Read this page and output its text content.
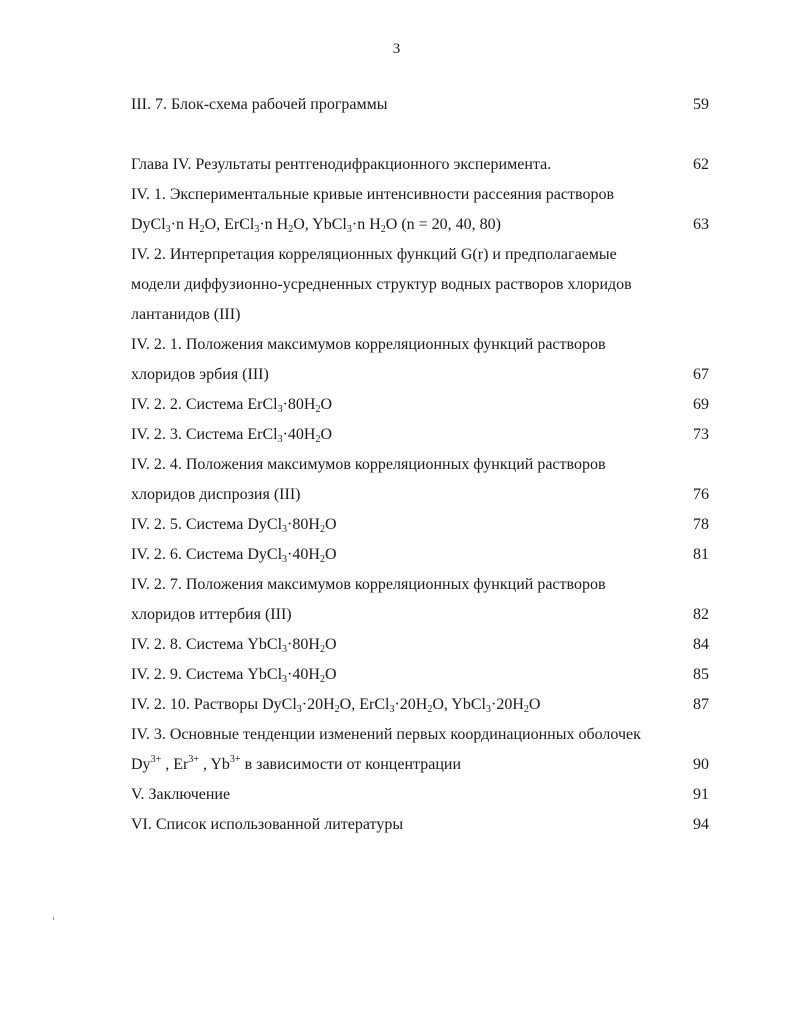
3
III. 7. Блок-схема рабочей программы	59
Глава IV. Результаты рентгенодифракционного эксперимента.	62
IV. 1. Экспериментальные кривые интенсивности рассеяния растворов
DyCl$_3$·n $H_2O$, ErCl$_3$·n $H_2O$, YbCl$_3$·n $H_2O$ (n = 20, 40, 80)	63
IV. 2. Интерпретация корреляционных функций G(r) и предполагаемые
модели диффузионно-усредненных структур водных растворов хлоридов
лантанидов (III)
IV. 2. 1. Положения максимумов корреляционных функций растворов
хлоридов эрбия (III)	67
IV. 2. 2. Система $ErCl_3\cdot 80H_2O$	69
IV. 2. 3. Система $ErCl_3\cdot 40H_2O$	73
IV. 2. 4. Положения максимумов корреляционных функций растворов
хлоридов диспрозия (III)	76
IV. 2. 5. Система $DyCl_3\cdot 80H_2O$	78
IV. 2. 6. Система $DyCl_3\cdot 40H_2O$	81
IV. 2. 7. Положения максимумов корреляционных функций растворов
хлоридов иттербия (III)	82
IV. 2. 8. Система $YbCl_3\cdot 80H_2O$	84
IV. 2. 9. Система $YbCl_3\cdot 40H_2O$	85
IV. 2. 10. Растворы $DyCl_3\cdot 20H_2O$, $ErCl_3\cdot 20H_2O$, $YbCl_3\cdot 20H_2O$	87
IV. 3. Основные тенденции изменений первых координационных оболочек
$Dy^{3+}$ , $Er^{3+}$ , $Yb^{3+}$ в зависимости от концентрации	90
V. Заключение	91
VI. Список использованной литературы	94
